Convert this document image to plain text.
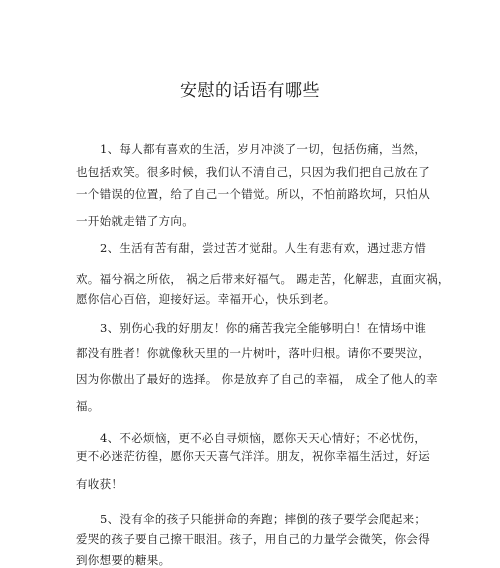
安慰的话语有哪些
1、每人都有喜欢的生活，岁月冲淡了一切，包括伤痛，当然，
也包括欢笑。很多时候，我们认不清自己，只因为我们把自己放在了
一个错误的位置，给了自己一个错觉。所以，不怕前路坎坷，只怕从
一开始就走错了方向。
2、生活有苦有甜，尝过苦才觉甜。人生有悲有欢，遇过悲方惜
欢。福兮祸之所依， 祸之后带来好福气。 踢走苦，化解悲，直面灾祸，
愿你信心百倍，迎接好运。幸福开心，快乐到老。
3、别伤心我的好朋友！你的痛苦我完全能够明白！在情场中谁
都没有胜者！你就像秋天里的一片树叶，落叶归根。请你不要哭泣，
因为你傲出了最好的选择。 你是放弃了自己的幸福， 成全了他人的幸
福。
4、不必烦恼，更不必自寻烦恼，愿你天天心情好；不必忧伤，
更不必迷茫彷徨，愿你天天喜气洋洋。朋友，祝你幸福生活过，好运
有收获！
5、没有伞的孩子只能拼命的奔跑；摔倒的孩子要学会爬起来；
爱哭的孩子要自己擦干眼泪。孩子，用自己的力量学会微笑，你会得
到你想要的糖果。
